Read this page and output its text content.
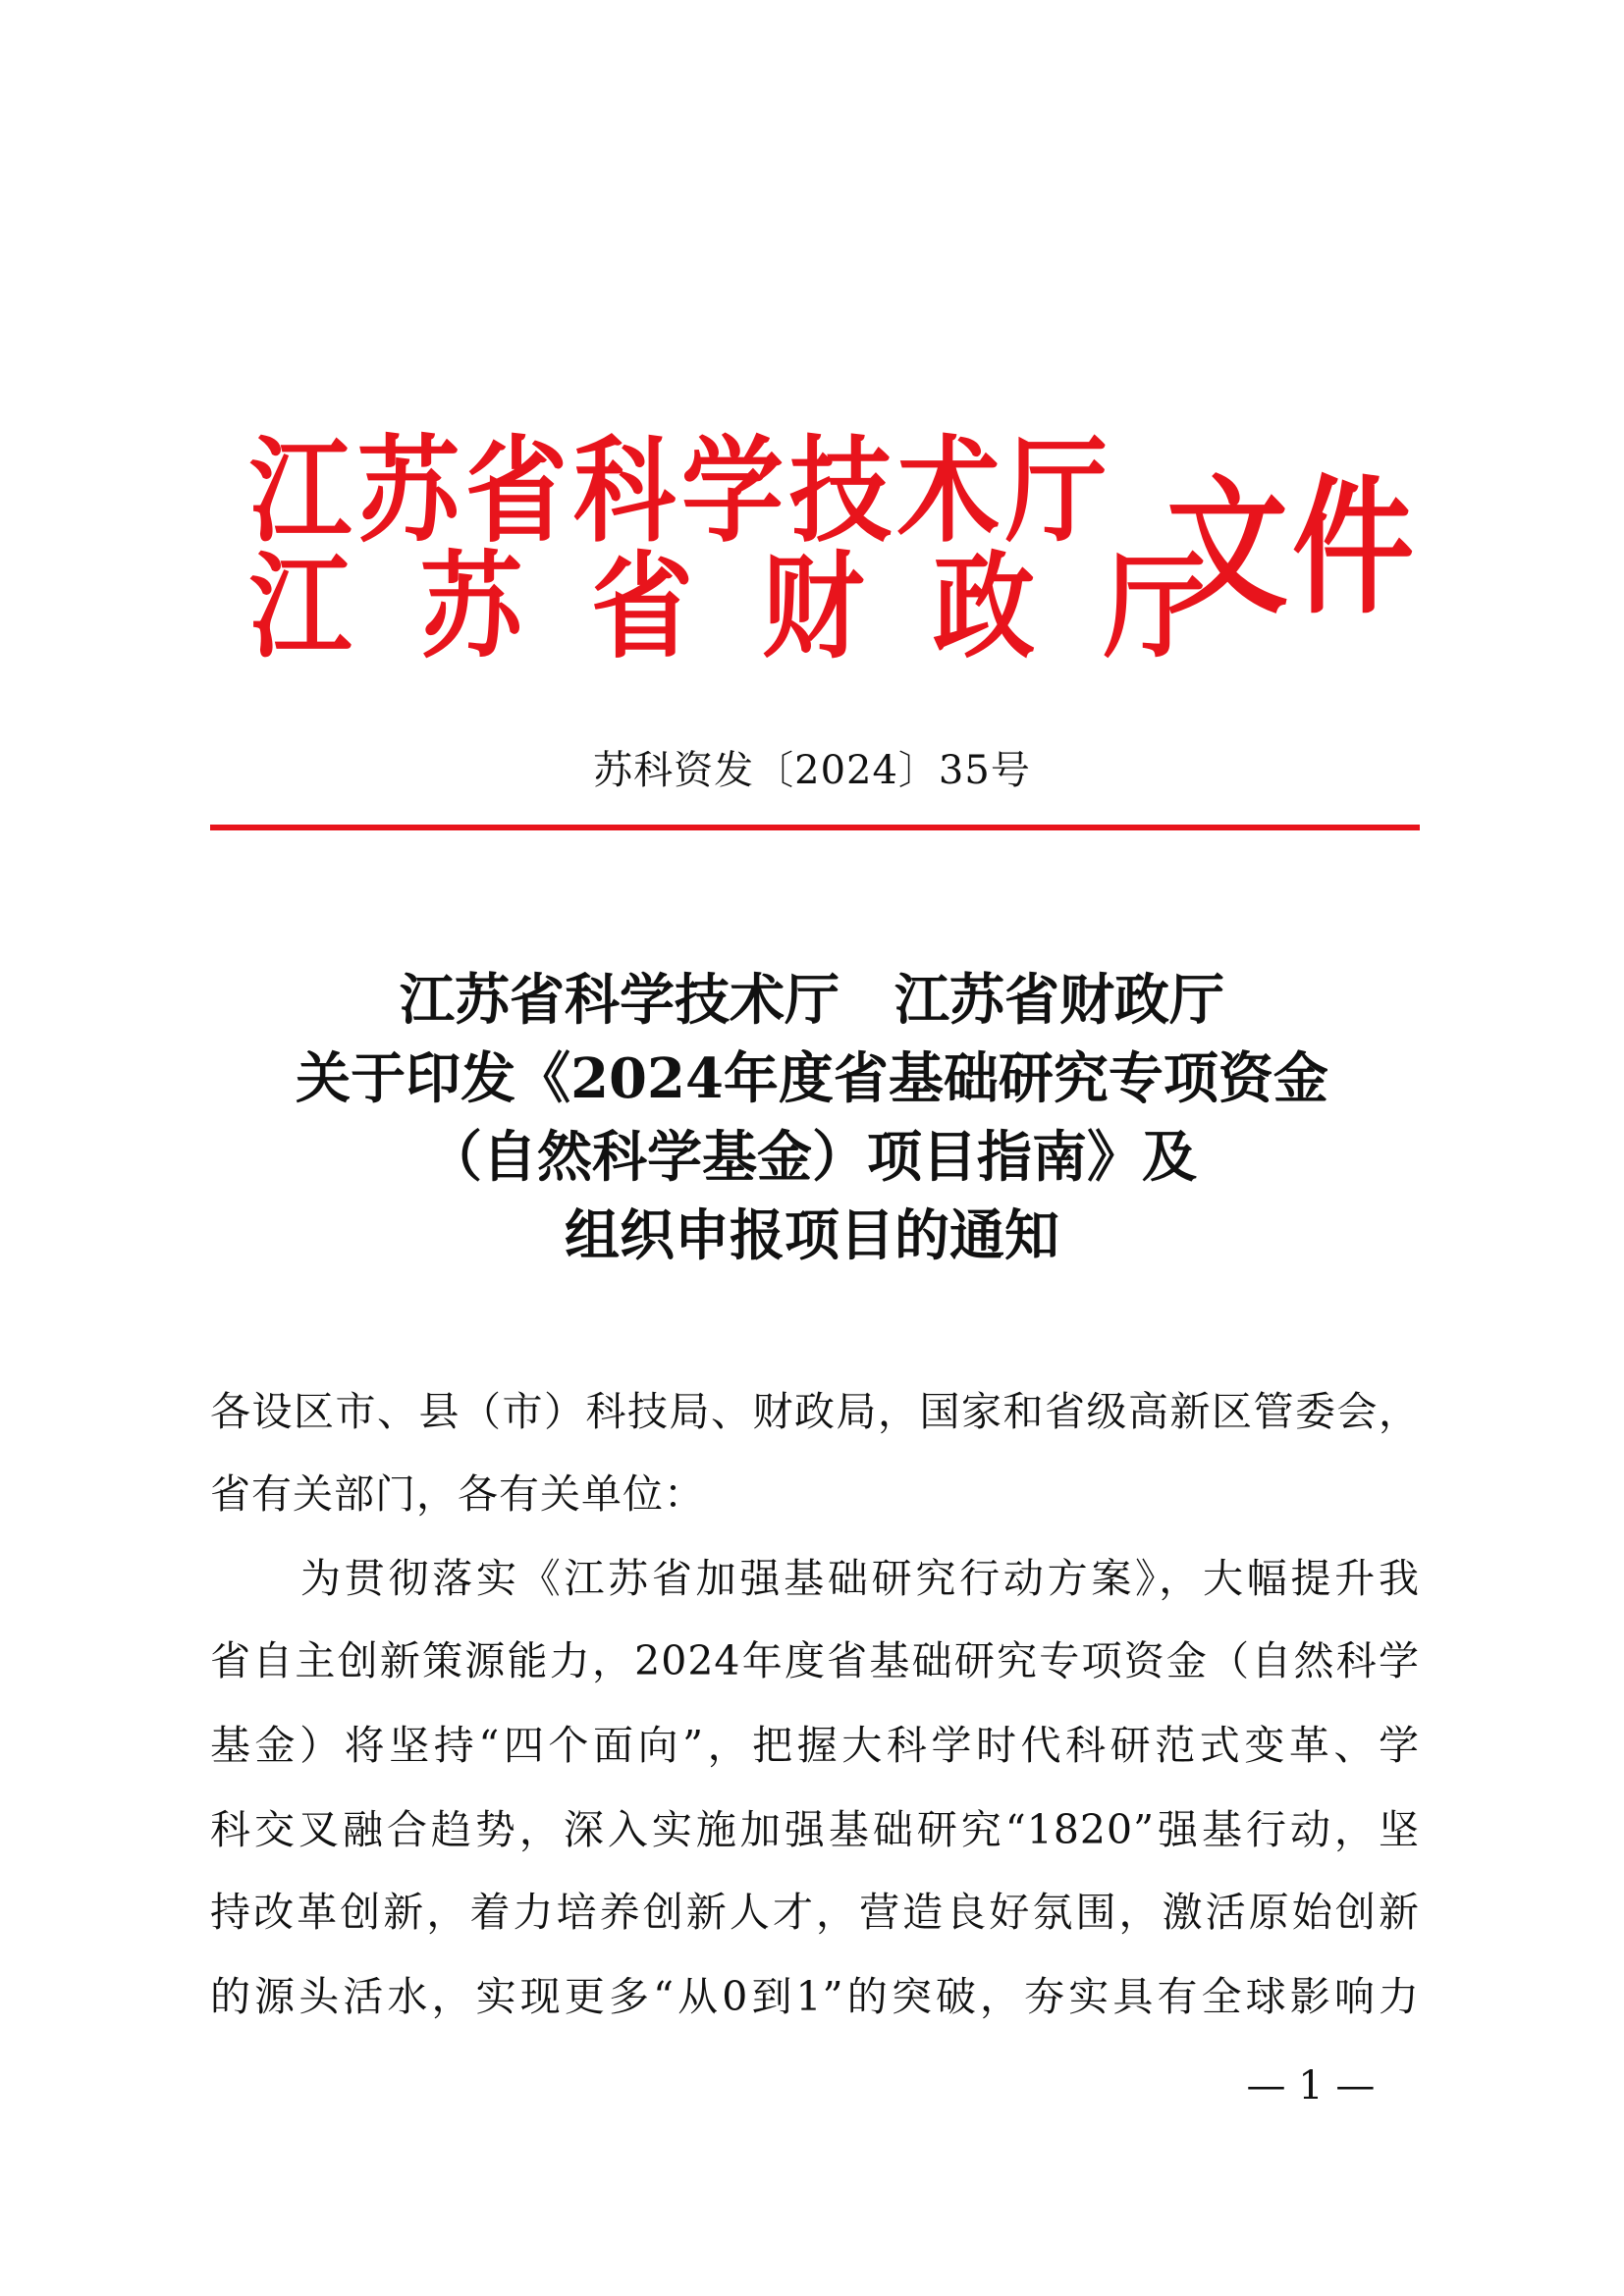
江苏省科学技术厅
江苏省财政厅
文件
苏科资发〔2024〕35号
江苏省科学技术厅　江苏省财政厅
关于印发《2024年度省基础研究专项资金
（自然科学基金）项目指南》及
组织申报项目的通知
各设区市、县（市）科技局、财政局，国家和省级高新区管委会，
省有关部门，各有关单位：
为贯彻落实《江苏省加强基础研究行动方案》，大幅提升我
省自主创新策源能力，2024年度省基础研究专项资金（自然科学
基金）将坚持“四个面向”，把握大科学时代科研范式变革、学
科交叉融合趋势，深入实施加强基础研究“1820”强基行动，坚
持改革创新，着力培养创新人才，营造良好氛围，激活原始创新
的源头活水，实现更多“从0到1”的突破，夯实具有全球影响力
— 1 —
